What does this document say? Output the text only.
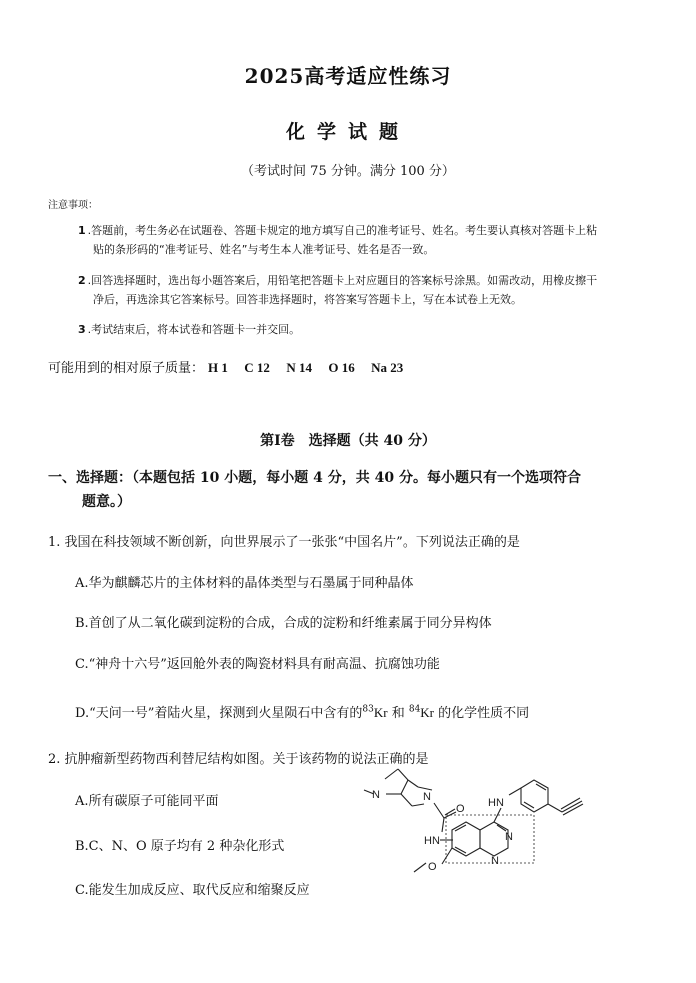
2025高考适应性练习
化学试题
（考试时间 75 分钟。满分 100 分）
注意事项：
1 .答题前，考生务必在试题卷、答题卡规定的地方填写自己的准考证号、姓名。考生要认真核对答题卡上粘
贴的条形码的“准考证号、姓名”与考生本人准考证号、姓名是否一致。
2 .回答选择题时，选出每小题答案后，用铅笔把答题卡上对应题目的答案标号涂黑。如需改动，用橡皮擦干
净后，再选涂其它答案标号。回答非选择题时，将答案写答题卡上，写在本试卷上无效。
3 .考试结束后，将本试卷和答题卡一并交回。
可能用到的相对原子质量： H 1 C 12 N 14 O 16 Na 23
第Ⅰ卷　选择题（共 40 分）
一、选择题：（本题包括 10 小题，每小题 4 分，共 40 分。每小题只有一个选项符合
题意。）
1. 我国在科技领域不断创新，向世界展示了一张张“中国名片”。下列说法正确的是
A.华为麒麟芯片的主体材料的晶体类型与石墨属于同种晶体
B.首创了从二氧化碳到淀粉的合成，合成的淀粉和纤维素属于同分异构体
C.“神舟十六号”返回舱外表的陶瓷材料具有耐高温、抗腐蚀功能
D.“天问一号”着陆火星，探测到火星陨石中含有的$^{83}$Kr 和 $^{84}$Kr 的化学性质不同
2. 抗肿瘤新型药物西利替尼结构如图。关于该药物的说法正确的是
A.所有碳原子可能同平面
B.C、N、O 原子均有 2 种杂化形式
C.能发生加成反应、取代反应和缩聚反应
N	N
O
HN	N
N
O
HN
